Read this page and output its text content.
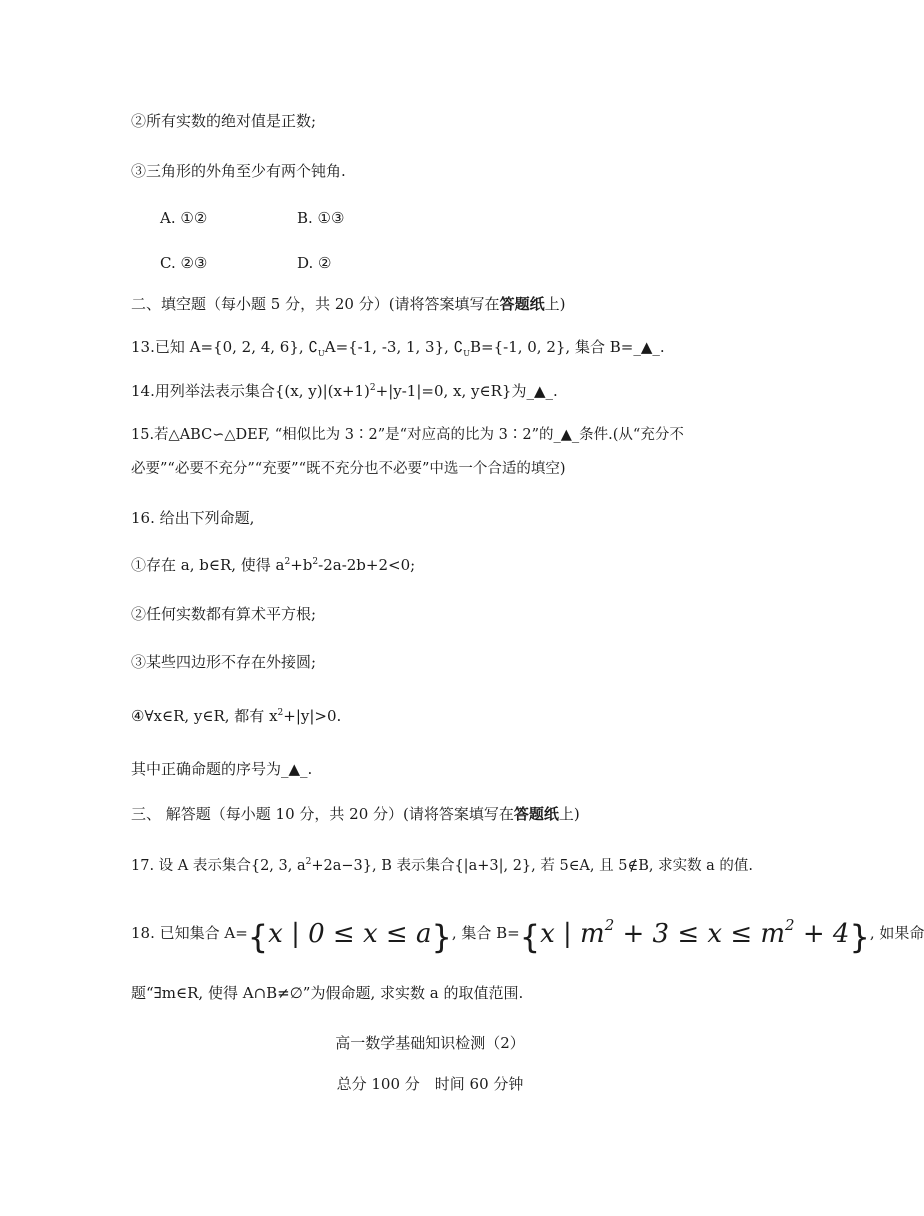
②所有实数的绝对值是正数;
③三角形的外角至少有两个钝角.
A. ①②	B. ①③
C. ②③	D. ②
二、填空题（每小题 5 分，共 20 分）(请将答案填写在答题纸上)
13.已知 A={0, 2, 4, 6}, $∁_UA=\{-1$, -3, 1, 3}, $∁_UB=\{-1$, 0, 2}, 集合 B=_▲_.
14.用列举法表示集合{(x, $y)|(x+1)^2+|y-1|=0$, x, y∈R}为_▲_.
15.若△ABC∽△DEF, “相似比为 3∶2”是“对应高的比为 3∶2”的_▲_条件.(从“充分不
必要”“必要不充分”“充要”“既不充分也不必要”中选一个合适的填空)
16. 给出下列命题,
①存在 a, b∈R, 使得 $a^2+b^2-2a-2b+2<0$;
②任何实数都有算术平方根;
③某些四边形不存在外接圆;
④∀x∈R, y∈R, 都有 $x^2+|y|>0$.
其中正确命题的序号为_▲_.
三、 解答题（每小题 10 分，共 20 分）(请将答案填写在答题纸上)
17. 设 A 表示集合{2, 3, $a^2+2a-3$}, B 表示集合{|a+3|, 2}, 若 5∈A, 且 5∉B, 求实数 a 的值.
18. 已知集合 A={x | 0 ≤ x ≤ a}, 集合 B={x | $m^2 + 3 \le x \le m^2 + 4$}, 如果命
题“∃m∈R, 使得 A∩B≠∅”为假命题, 求实数 a 的取值范围.
高一数学基础知识检测（2）
总分 100 分　时间 60 分钟
